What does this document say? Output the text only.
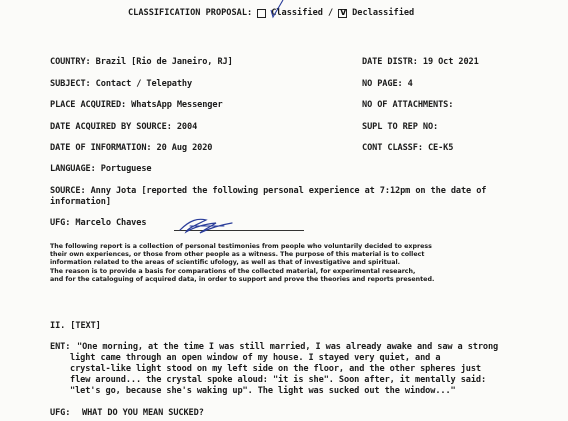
CLASSIFICATION PROPOSAL: Classified /
V Declassified
COUNTRY: Brazil [Rio de Janeiro, RJ]	DATE DISTR: 19 Oct 2021
SUBJECT: Contact / Telepathy	NO PAGE: 4
PLACE ACQUIRED: WhatsApp Messenger	NO OF ATTACHMENTS:
DATE ACQUIRED BY SOURCE: 2004	SUPL TO REP NO:
DATE OF INFORMATION: 20 Aug 2020	CONT CLASSF: CE-K5
LANGUAGE: Portuguese
SOURCE: Anny Jota [reported the following personal experience at 7:12pm on the date of
information]
UFG: Marcelo Chaves
The following report is a collection of personal testimonies from people who voluntarily decided to express
their own experiences, or those from other people as a witness. The purpose of this material is to collect
information related to the areas of scientific ufology, as well as that of investigative and spiritual.
The reason is to provide a basis for comparations of the collected material, for experimental research,
and for the cataloguing of acquired data, in order to support and prove the theories and reports presented.
II. [TEXT]
ENT: "One morning, at the time I was still married, I was already awake and saw a strong
light came through an open window of my house. I stayed very quiet, and a
crystal-like light stood on my left side on the floor, and the other spheres just
flew around... the crystal spoke aloud: "it is she". Soon after, it mentally said:
"let's go, because she's waking up". The light was sucked out the window..."
UFG: WHAT DO YOU MEAN SUCKED?
